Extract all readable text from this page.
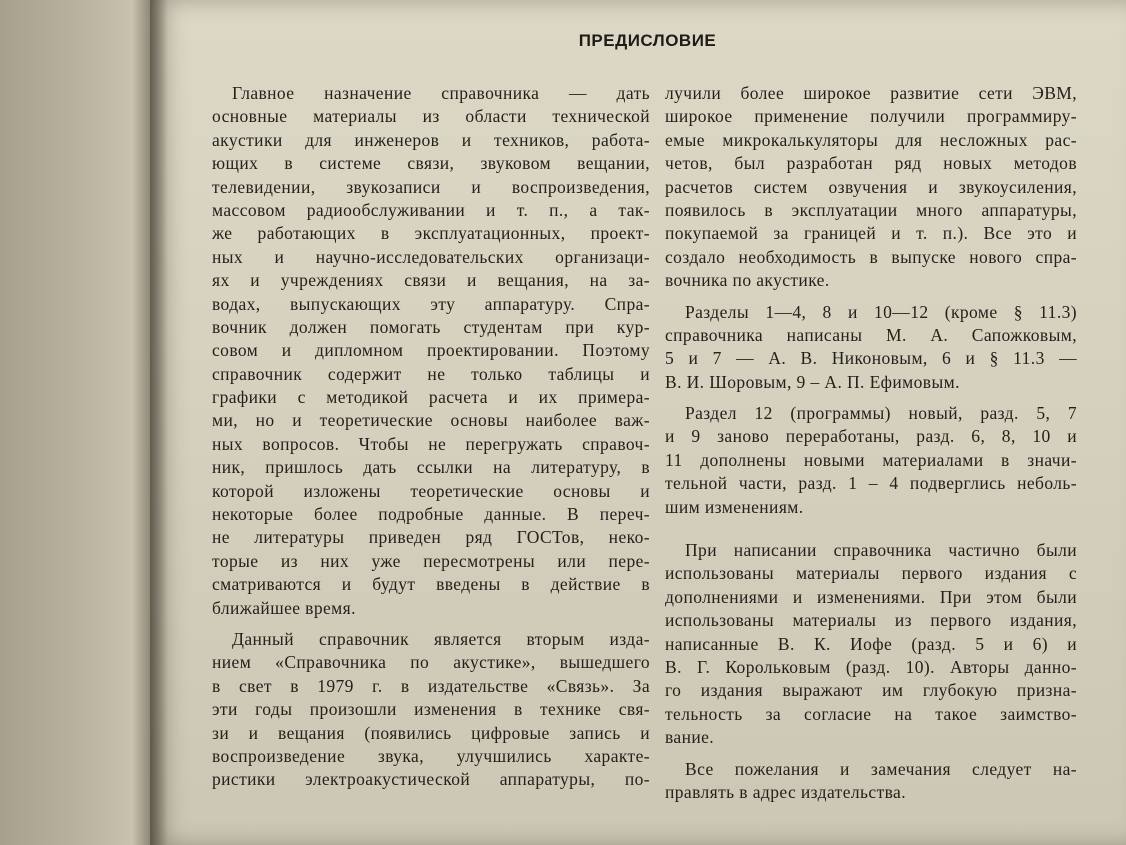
ПРЕДИСЛОВИЕ
Главное назначение справочника — дать
основные материалы из области технической
акустики для инженеров и техников, работа-
ющих в системе связи, звуковом вещании,
телевидении, звукозаписи и воспроизведения,
массовом радиообслуживании и т. п., а так-
же работающих в эксплуатационных, проект-
ных и научно-исследовательских организаци-
ях и учреждениях связи и вещания, на за-
водах, выпускающих эту аппаратуру. Спра-
вочник должен помогать студентам при кур-
совом и дипломном проектировании. Поэтому
справочник содержит не только таблицы и
графики с методикой расчета и их примера-
ми, но и теоретические основы наиболее важ-
ных вопросов. Чтобы не перегружать справоч-
ник, пришлось дать ссылки на литературу, в
которой изложены теоретические основы и
некоторые более подробные данные. В переч-
не литературы приведен ряд ГОСТов, неко-
торые из них уже пересмотрены или пере-
сматриваются и будут введены в действие в
ближайшее время.
Данный справочник является вторым изда-
нием «Справочника по акустике», вышедшего
в свет в 1979 г. в издательстве «Связь». За
эти годы произошли изменения в технике свя-
зи и вещания (появились цифровые запись и
воспроизведение звука, улучшились характе-
ристики электроакустической аппаратуры, по-
лучили более широкое развитие сети ЭВМ,
широкое применение получили программиру-
емые микрокалькуляторы для несложных рас-
четов, был разработан ряд новых методов
расчетов систем озвучения и звукоусиления,
появилось в эксплуатации много аппаратуры,
покупаемой за границей и т. п.). Все это и
создало необходимость в выпуске нового спра-
вочника по акустике.
Разделы 1—4, 8 и 10—12 (кроме § 11.3)
справочника написаны М. А. Сапожковым,
5 и 7 — А. В. Никоновым, 6 и § 11.3 —
В. И. Шоровым, 9 – А. П. Ефимовым.
Раздел 12 (программы) новый, разд. 5, 7
и 9 заново переработаны, разд. 6, 8, 10 и
11 дополнены новыми материалами в значи-
тельной части, разд. 1 – 4 подверглись неболь-
шим изменениям.
При написании справочника частично были
использованы материалы первого издания с
дополнениями и изменениями. При этом были
использованы материалы из первого издания,
написанные В. К. Иофе (разд. 5 и 6) и
В. Г. Корольковым (разд. 10). Авторы данно-
го издания выражают им глубокую призна-
тельность за согласие на такое заимство-
вание.
Все пожелания и замечания следует на-
правлять в адрес издательства.
